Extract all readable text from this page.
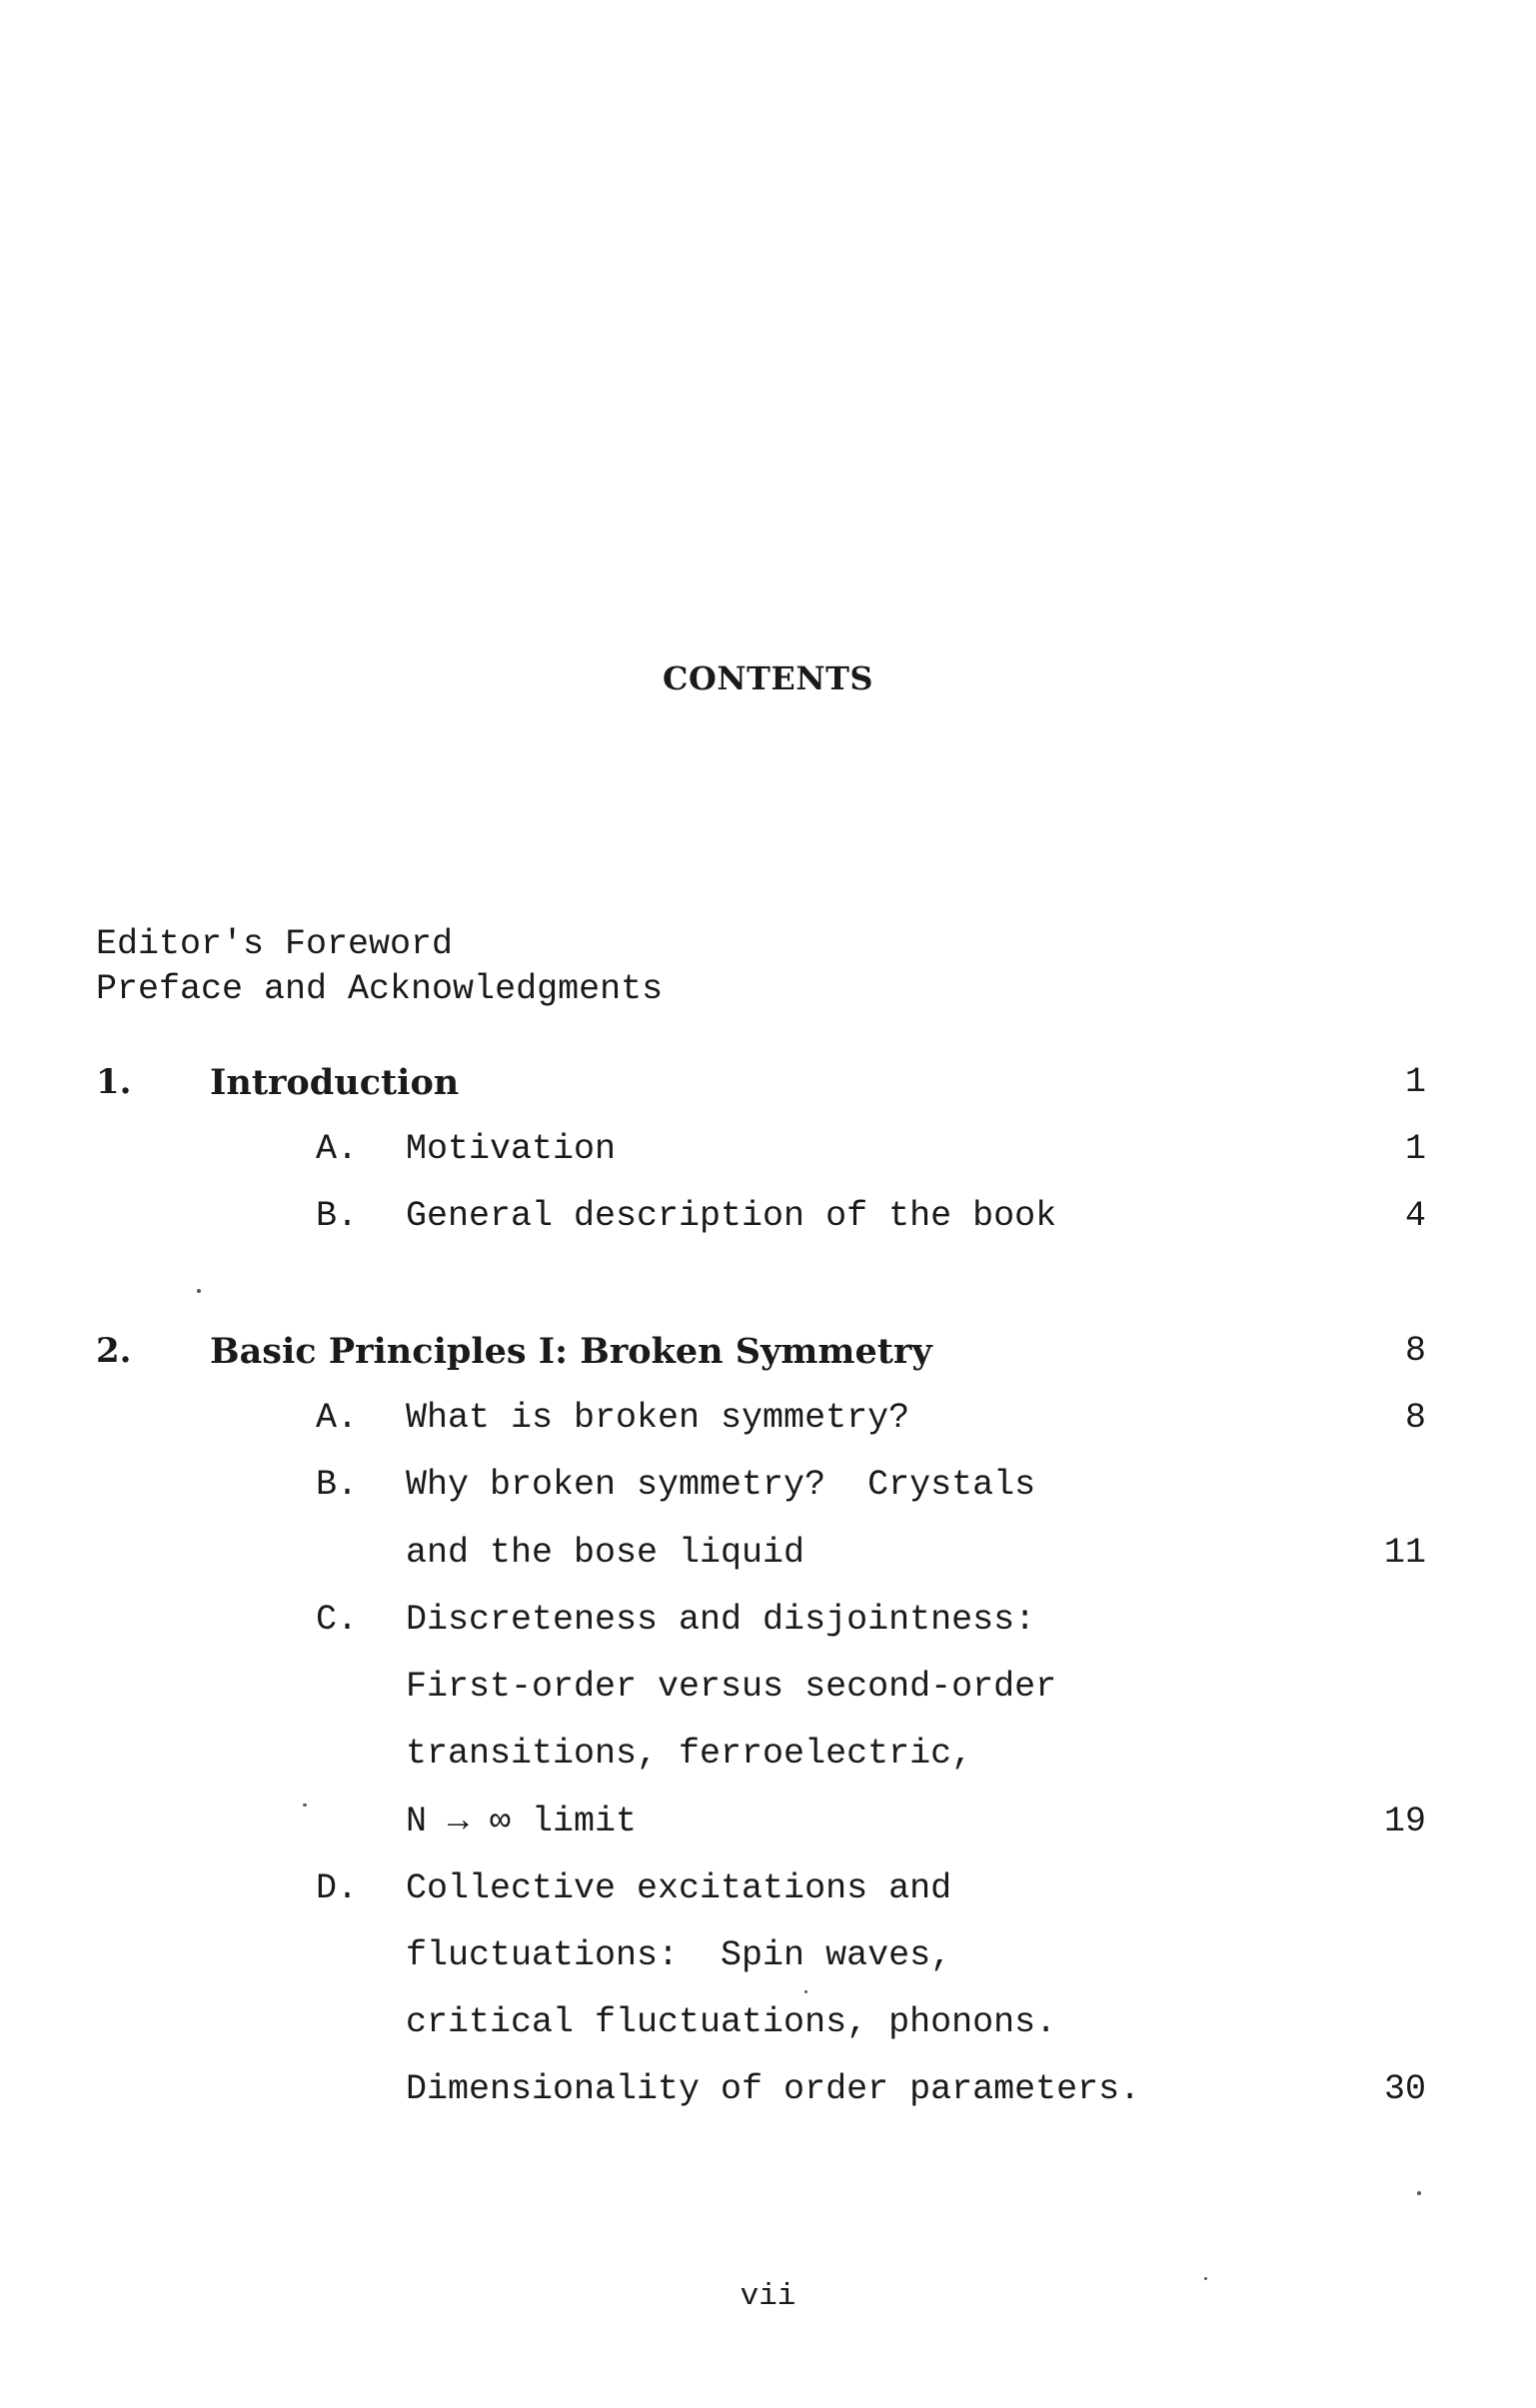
CONTENTS
Editor's Foreword
Preface and Acknowledgments
1. Introduction	1
A. Motivation	1
B. General description of the book	4
2. Basic Principles I: Broken Symmetry	8
A. What is broken symmetry?	8
B. Why broken symmetry?  Crystals
and the bose liquid	11
C. Discreteness and disjointness:
First-order versus second-order
transitions, ferroelectric,
N → ∞ limit	19
D. Collective excitations and
fluctuations:  Spin waves,
critical fluctuations, phonons.
Dimensionality of order parameters.	30
vii
